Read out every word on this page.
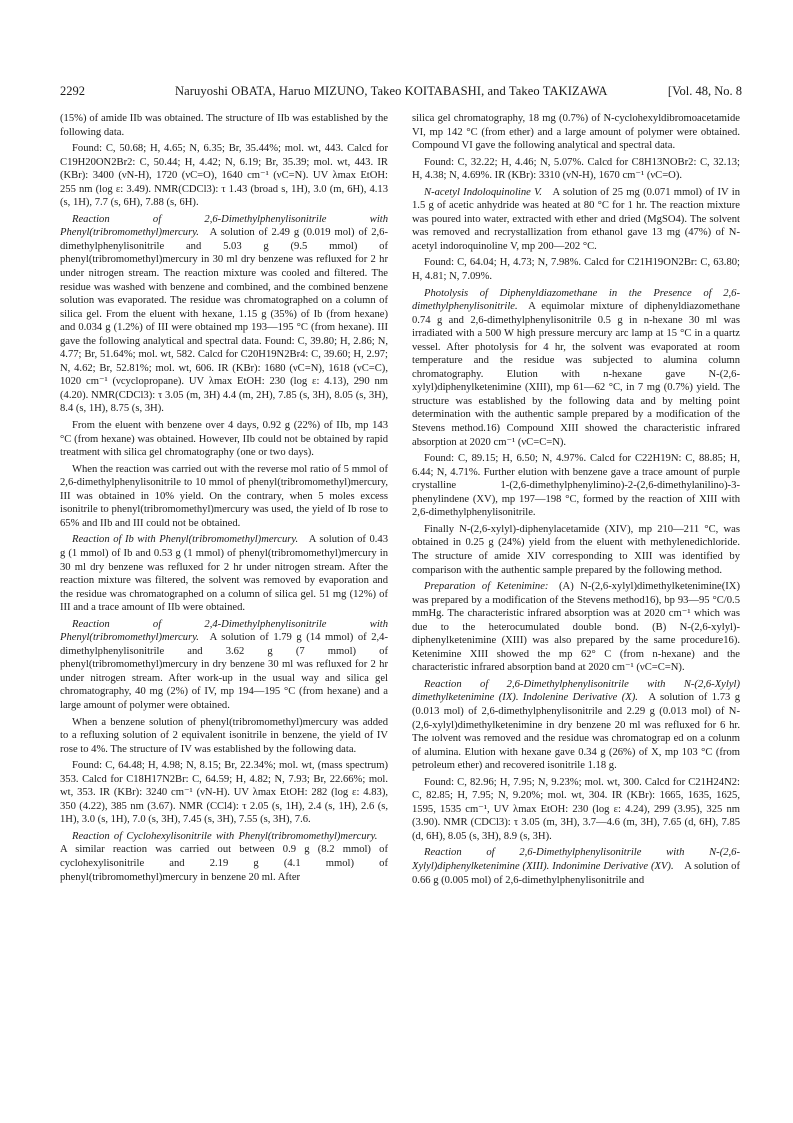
2292	Naruyoshi OBATA, Haruo MIZUNO, Takeo KOITABASHI, and Takeo TAKIZAWA	[Vol. 48, No. 8

(15%) of amide IIb was obtained. The structure of IIb was established by the following data.

Found: C, 50.68; H, 4.65; N, 6.35; Br, 35.44%; mol. wt, 443. Calcd for C19H20ON2Br2: C, 50.44; H, 4.42; N, 6.19; Br, 35.39; mol. wt, 443. IR (KBr): 3400 (νN-H), 1720 (νC=O), 1640 cm⁻¹ (νC=N). UV λmax EtOH: 255 nm (log ε: 3.49). NMR(CDCl3): τ 1.43 (broad s, 1H), 3.0 (m, 6H), 4.13 (s, 1H), 7.7 (s, 6H), 7.88 (s, 6H).

Reaction of 2,6-Dimethylphenylisonitrile with Phenyl(tribromomethyl)mercury.  A solution of 2.49 g (0.019 mol) of 2,6-dimethylphenylisonitrile and 5.03 g (9.5 mmol) of phenyl(tribromomethyl)mercury in 30 ml dry benzene was refluxed for 2 hr under nitrogen stream. The reaction mixture was cooled and filtered. The residue was washed with benzene and combined, and the combined benzene solution was evaporated. The residue was chromatographed on a column of silica gel. From the eluent with hexane, 1.15 g (35%) of Ib (from hexane) and 0.034 g (1.2%) of III were obtained mp 193—195 °C (from hexane). III gave the following analytical and spectral data. Found: C, 39.80; H, 2.86; N, 4.77; Br, 51.64%; mol. wt, 582. Calcd for C20H19N2Br4: C, 39.60; H, 2.97; N, 4.62; Br, 52.81%; mol. wt, 606. IR (KBr): 1680 (νC=N), 1618 (νC=C), 1020 cm⁻¹ (νcyclopropane). UV λmax EtOH: 230 (log ε: 4.13), 290 nm (4.20). NMR(CDCl3): τ 3.05 (m, 3H) 4.4 (m, 2H), 7.85 (s, 3H), 8.05 (s, 3H), 8.4 (s, 1H), 8.75 (s, 3H).

From the eluent with benzene over 4 days, 0.92 g (22%) of IIb, mp 143 °C (from hexane) was obtained. However, IIb could not be obtained by rapid treatment with silica gel chromatography (one or two days).

When the reaction was carried out with the reverse mol ratio of 5 mmol of 2,6-dimethylphenylisonitrile to 10 mmol of phenyl(tribromomethyl)mercury, III was obtained in 10% yield. On the contrary, when 5 moles excess isonitrile to phenyl(tribromomethyl)mercury was used, the yield of Ib rose to 65% and IIb and III could not be obtained.

Reaction of Ib with Phenyl(tribromomethyl)mercury.  A solution of 0.43 g (1 mmol) of Ib and 0.53 g (1 mmol) of phenyl(tribromomethyl)mercury in 30 ml dry benzene was refluxed for 2 hr under nitrogen stream. After the reaction mixture was filtered, the solvent was removed by evaporation and the residue was chromatographed on a column of silica gel. 51 mg (12%) of III and a trace amount of IIb were obtained.

Reaction of 2,4-Dimethylphenylisonitrile with Phenyl(tribromomethyl)mercury.  A solution of 1.79 g (14 mmol) of 2,4-dimethylphenylisonitrile and 3.62 g (7 mmol) of phenyl(tribromomethyl)mercury in dry benzene 30 ml was refluxed for 2 hr under nitrogen stream. After work-up in the usual way and silica gel chromatography, 40 mg (2%) of IV, mp 194—195 °C (from hexane) and a large amount of polymer were obtained.

When a benzene solution of phenyl(tribromomethyl)mercury was added to a refluxing solution of 2 equivalent isonitrile in benzene, the yield of IV rose to 4%. The structure of IV was established by the following data.

Found: C, 64.48; H, 4.98; N, 8.15; Br, 22.34%; mol. wt, (mass spectrum) 353. Calcd for C18H17N2Br: C, 64.59; H, 4.82; N, 7.93; Br, 22.66%; mol. wt, 353. IR (KBr): 3240 cm⁻¹ (νN-H). UV λmax EtOH: 282 (log ε: 4.83), 350 (4.22), 385 nm (3.67). NMR (CCl4): τ 2.05 (s, 1H), 2.4 (s, 1H), 2.6 (s, 1H), 3.0 (s, 1H), 7.0 (s, 3H), 7.45 (s, 3H), 7.55 (s, 3H), 7.6.

Reaction of Cyclohexylisonitrile with Phenyl(tribromomethyl)mercury. A similar reaction was carried out between 0.9 g (8.2 mmol) of cyclohexylisonitrile and 2.19 g (4.1 mmol) of phenyl(tribromomethyl)mercury in benzene 20 ml. After

silica gel chromatography, 18 mg (0.7%) of N-cyclohexyldibromoacetamide VI, mp 142 °C (from ether) and a large amount of polymer were obtained. Compound VI gave the following analytical and spectral data.

Found: C, 32.22; H, 4.46; N, 5.07%. Calcd for C8H13NOBr2: C, 32.13; H, 4.38; N, 4.69%. IR (KBr): 3310 (νN-H), 1670 cm⁻¹ (νC=O).

N-acetyl Indoloquinoline V.  A solution of 25 mg (0.071 mmol) of IV in 1.5 g of acetic anhydride was heated at 80 °C for 1 hr. The reaction mixture was poured into water, extracted with ether and dried (MgSO4). The solvent was removed and recrystallization from ethanol gave 13 mg (47%) of N-acetyl indoroquinoline V, mp 200—202 °C.

Found: C, 64.04; H, 4.73; N, 7.98%. Calcd for C21H19ON2Br: C, 63.80; H, 4.81; N, 7.09%.

Photolysis of Diphenyldiazomethane in the Presence of 2,6-dimethylphenylisonitrile.  A equimolar mixture of diphenyldiazomethane 0.74 g and 2,6-dimethylphenylisonitrile 0.5 g in n-hexane 30 ml was irradiated with a 500 W high pressure mercury arc lamp at 15 °C in a quartz vessel. After photolysis for 4 hr, the solvent was evaporated at room temperature and the residue was subjected to alumina column chromatography. Elution with n-hexane gave N-(2,6-xylyl)diphenylketenimine (XIII), mp 61—62 °C, in 7 mg (0.7%) yield. The structure was established by the following data and by melting point determination with the authentic sample prepared by a modification of the Stevens method.16) Compound XIII showed the characteristic infrared absorption at 2020 cm⁻¹ (νC=C=N).

Found: C, 89.15; H, 6.50; N, 4.97%. Calcd for C22H19N: C, 88.85; H, 6.44; N, 4.71%. Further elution with benzene gave a trace amount of purple crystalline 1-(2,6-dimethylphenylimino)-2-(2,6-dimethylanilino)-3-phenylindene (XV), mp 197—198 °C, formed by the reaction of XIII with 2,6-dimethylphenylisonitrile.

Finally N-(2,6-xylyl)-diphenylacetamide (XIV), mp 210—211 °C, was obtained in 0.25 g (24%) yield from the eluent with methylenedichloride. The structure of amide XIV corresponding to XIII was identified by comparison with the authentic sample prepared by the following method.

Preparation of Ketenimine:  (A) N-(2,6-xylyl)dimethylketenimine(IX) was prepared by a modification of the Stevens method16), bp 93—95 °C/0.5 mmHg. The characteristic infrared absorption was at 2020 cm⁻¹ which was due to the heterocumulated double bond. (B) N-(2,6-xylyl)-diphenylketenimine (XIII) was also prepared by the same procedure16). Ketenimine XIII showed the mp 62° C (from n-hexane) and the characteristic infrared absorption band at 2020 cm⁻¹ (νC=C=N).

Reaction of 2,6-Dimethylphenylisonitrile with N-(2,6-Xylyl) dimethylketenimine (IX). Indolenine Derivative (X).  A solution of 1.73 g (0.013 mol) of 2,6-dimethylphenylisonitrile and 2.29 g (0.013 mol) of N-(2,6-xylyl)dimethylketenimine in dry benzene 20 ml was refluxed for 6 hr. The ıolvent was removed and the residue was chromatograp ed on a colunm of alumina. Elution with hexane gave 0.34 g (26%) of X, mp 103 °C (from petroleum ether) and recovered isonitrile 1.18 g.

Found: C, 82.96; H, 7.95; N, 9.23%; mol. wt, 300. Calcd for C21H24N2: C, 82.85; H, 7.95; N, 9.20%; mol. wt, 304. IR (KBr): 1665, 1635, 1625, 1595, 1535 cm⁻¹, UV λmax EtOH: 230 (log ε: 4.24), 299 (3.95), 325 nm (3.90). NMR (CDCl3): τ 3.05 (m, 3H), 3.7—4.6 (m, 3H), 7.65 (d, 6H), 7.85 (d, 6H), 8.05 (s, 3H), 8.9 (s, 3H).

Reaction of 2,6-Dimethylphenylisonitrile with N-(2,6-Xylyl)diphenylketenimine (XIII). Indonimine Derivative (XV).  A solution of 0.66 g (0.005 mol) of 2,6-dimethylphenylisonitrile and
